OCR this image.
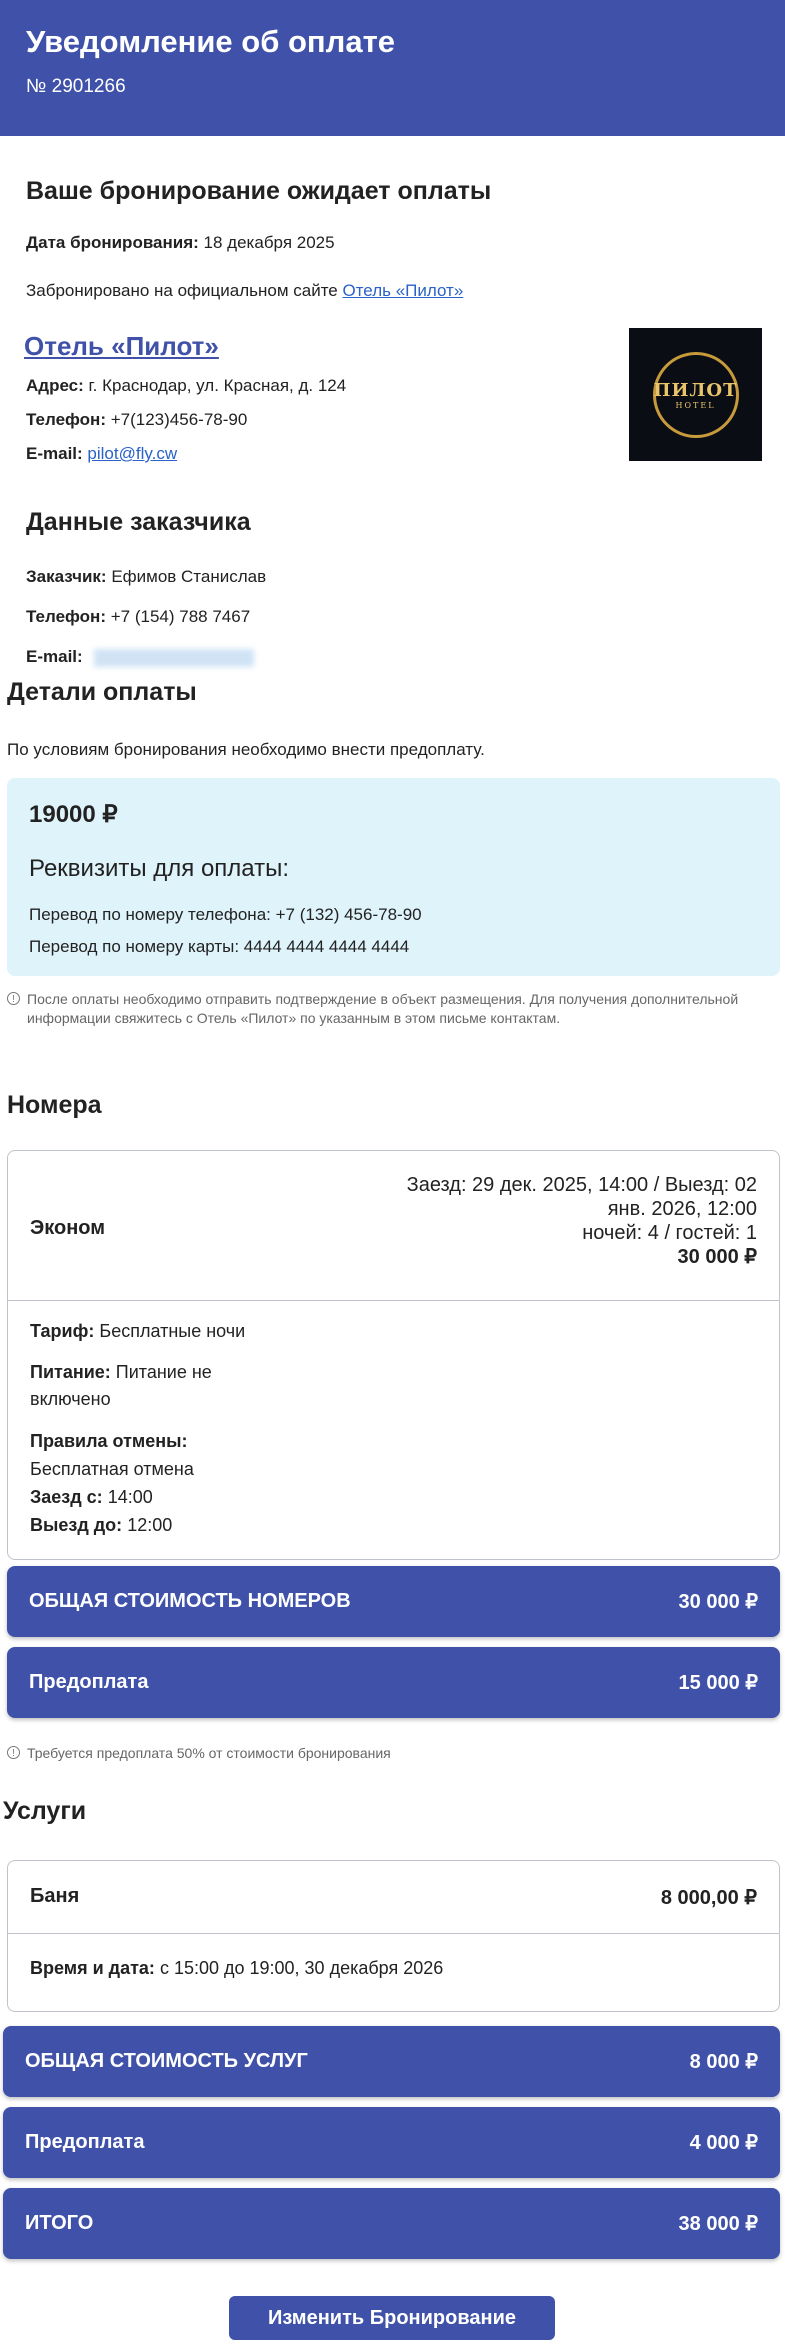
Уведомление об оплате
№ 2901266
Ваше бронирование ожидает оплаты
Дата бронирования: 18 декабря 2025
Забронировано на официальном сайте Отель «Пилот»
Отель «Пилот»
Адрес: г. Краснодар, ул. Красная, д. 124
Телефон: +7(123)456-78-90
E-mail: pilot@fly.cw
ПИЛОТ
HOTEL
Данные заказчика
Заказчик: Ефимов Станислав
Телефон: +7 (154) 788 7467
E-mail:
Детали оплаты
По условиям бронирования необходимо внести предоплату.

19000 ₽

Реквизиты для оплаты:

Перевод по номеру телефона: +7 (132) 456-78-90

Перевод по номеру карты: 4444 4444 4444 4444

! После оплаты необходимо отправить подтверждение в объект размещения. Для получения дополнительной информации свяжитесь с Отель «Пилот» по указанным в этом письме контактам.
Номера
Эконом
Заезд: 29 дек. 2025, 14:00 / Выезд: 02
янв. 2026, 12:00
ночей: 4 / гостей: 1
30 000 ₽
Тариф: Бесплатные ночи
Питание: Питание не
включено
Правила отмены:
Бесплатная отмена
Заезд с: 14:00
Выезд до: 12:00
ОБЩАЯ СТОИМОСТЬ НОМЕРОВ	30 000 ₽
Предоплата	15 000 ₽
! Требуется предоплата 50% от стоимости бронирования
Услуги
Баня	8 000,00 ₽
Время и дата: с 15:00 до 19:00, 30 декабря 2026
ОБЩАЯ СТОИМОСТЬ УСЛУГ	8 000 ₽
Предоплата	4 000 ₽
ИТОГО	38 000 ₽
Изменить Бронирование
